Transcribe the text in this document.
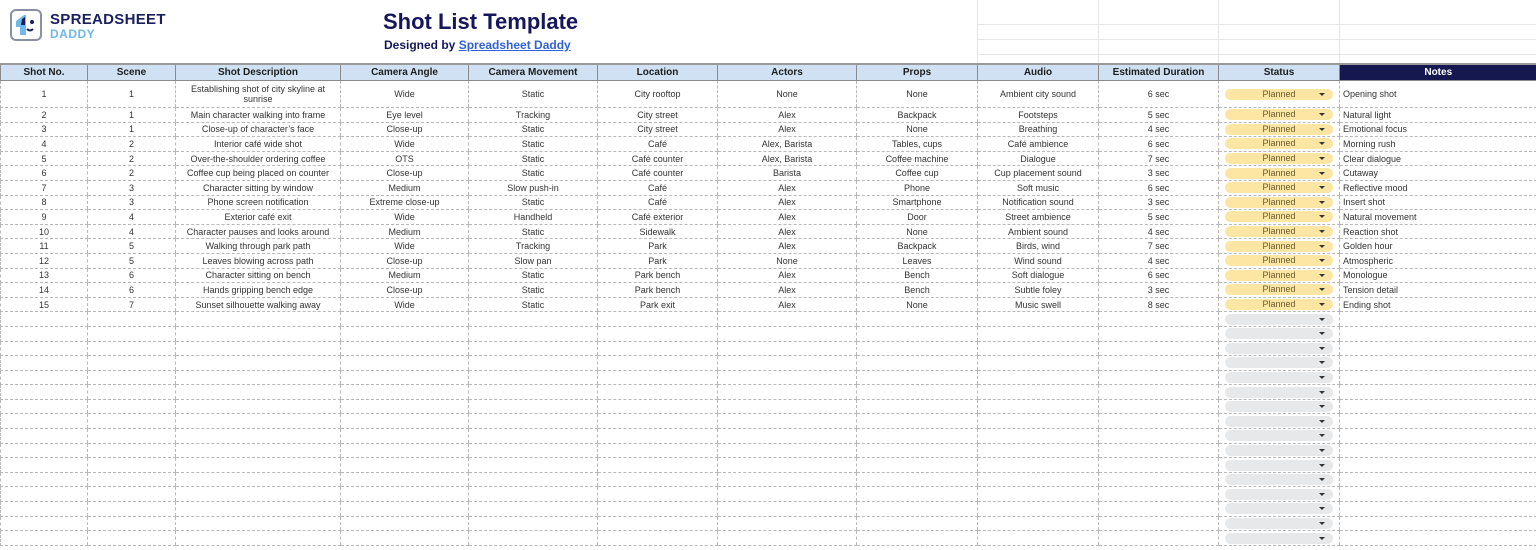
SPREADSHEET
DADDY	Shot List Template
Designed by Spreadsheet Daddy
Shot No.	Scene	Shot Description	Camera Angle	Camera Movement	Location	Actors	Props	Audio	Estimated Duration	Status	Notes
1	1	Establishing shot of city skyline at sunrise	Wide	Static	City rooftop	None	None	Ambient city sound	6 sec	Planned	Opening shot
2	1	Main character walking into frame	Eye level	Tracking	City street	Alex	Backpack	Footsteps	5 sec	Planned	Natural light
3	1	Close-up of character’s face	Close-up	Static	City street	Alex	None	Breathing	4 sec	Planned	Emotional focus
4	2	Interior café wide shot	Wide	Static	Café	Alex, Barista	Tables, cups	Café ambience	6 sec	Planned	Morning rush
5	2	Over-the-shoulder ordering coffee	OTS	Static	Café counter	Alex, Barista	Coffee machine	Dialogue	7 sec	Planned	Clear dialogue
6	2	Coffee cup being placed on counter	Close-up	Static	Café counter	Barista	Coffee cup	Cup placement sound	3 sec	Planned	Cutaway
7	3	Character sitting by window	Medium	Slow push-in	Café	Alex	Phone	Soft music	6 sec	Planned	Reflective mood
8	3	Phone screen notification	Extreme close-up	Static	Café	Alex	Smartphone	Notification sound	3 sec	Planned	Insert shot
9	4	Exterior café exit	Wide	Handheld	Café exterior	Alex	Door	Street ambience	5 sec	Planned	Natural movement
10	4	Character pauses and looks around	Medium	Static	Sidewalk	Alex	None	Ambient sound	4 sec	Planned	Reaction shot
11	5	Walking through park path	Wide	Tracking	Park	Alex	Backpack	Birds, wind	7 sec	Planned	Golden hour
12	5	Leaves blowing across path	Close-up	Slow pan	Park	None	Leaves	Wind sound	4 sec	Planned	Atmospheric
13	6	Character sitting on bench	Medium	Static	Park bench	Alex	Bench	Soft dialogue	6 sec	Planned	Monologue
14	6	Hands gripping bench edge	Close-up	Static	Park bench	Alex	Bench	Subtle foley	3 sec	Planned	Tension detail
15	7	Sunset silhouette walking away	Wide	Static	Park exit	Alex	None	Music swell	8 sec	Planned	Ending shot
